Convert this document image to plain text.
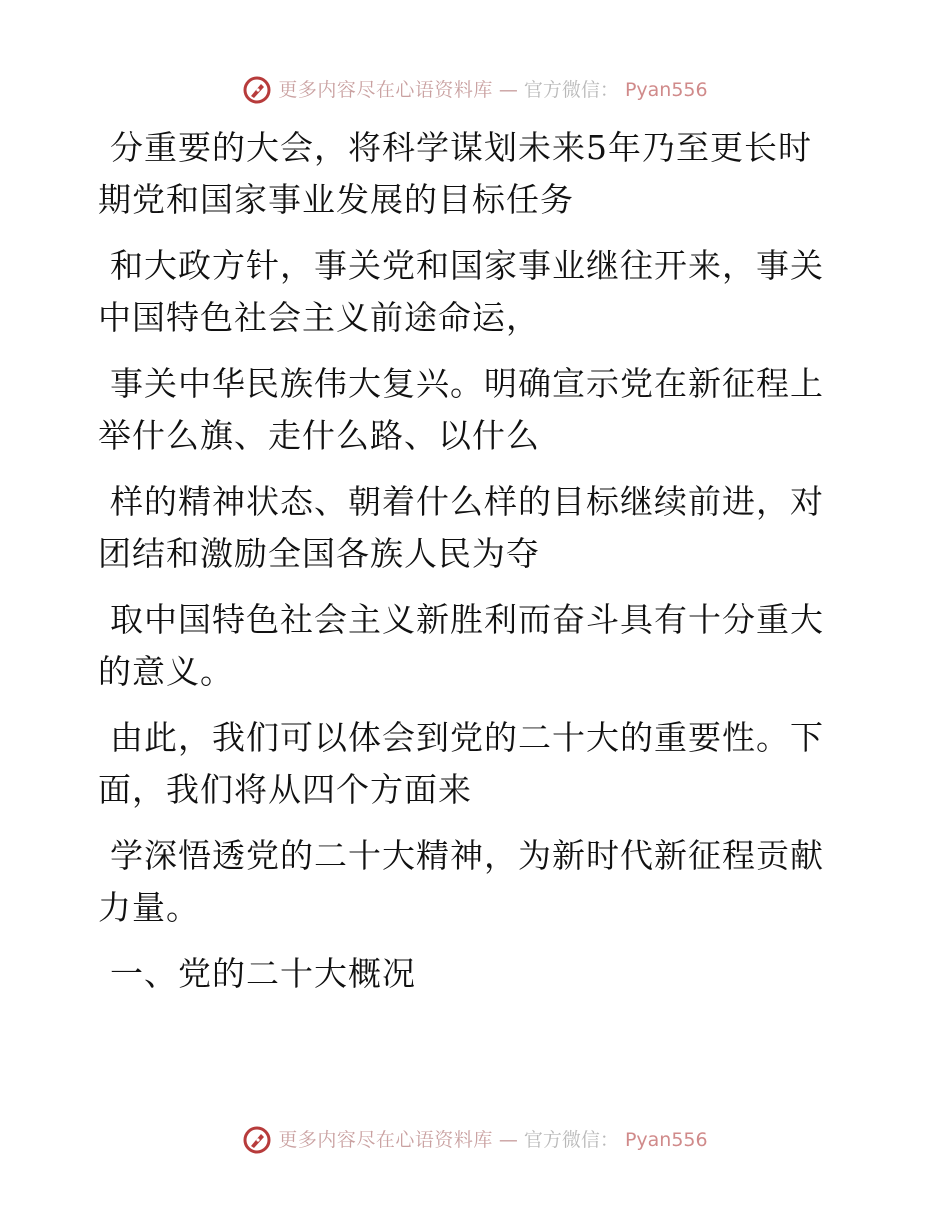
更多内容尽在心语资料库 — 官方微信： Pyan556

分重要的大会，将科学谋划未来5年乃至更长时期党和国家事业发展的目标任务

和大政方针，事关党和国家事业继往开来，事关中国特色社会主义前途命运，

事关中华民族伟大复兴。明确宣示党在新征程上举什么旗、走什么路、以什么

样的精神状态、朝着什么样的目标继续前进，对团结和激励全国各族人民为夺

取中国特色社会主义新胜利而奋斗具有十分重大的意义。

由此，我们可以体会到党的二十大的重要性。下面，我们将从四个方面来

学深悟透党的二十大精神，为新时代新征程贡献力量。

一、党的二十大概况

更多内容尽在心语资料库 — 官方微信： Pyan556
